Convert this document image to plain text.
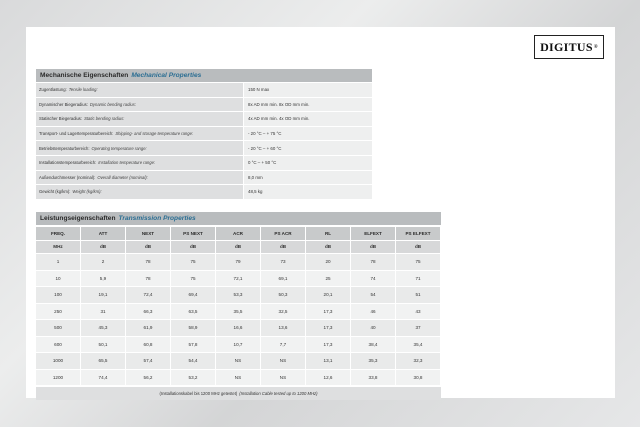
DIGITUS ®
Mechanische Eigenschaften Mechanical Properties
Zugentlastung: Tensile loading:	150 N max
Dynamischer Biegeradius: Dynamic bending radius:	8x AD mm min. 8x OD mm min.
Statischer Biegeradius: Static bending radius:	4x AD mm min. 4x OD mm min.
Transport- und Lagertemperaturbereich: Shipping- and storage temperature range:	- 20 °C – + 75 °C
Betriebstemperaturbereich: Operating temperature range:	- 20 °C – + 60 °C
Installationstemperaturbereich: Installation temperature range:	0 °C – + 50 °C
Außendurchmesser (nominal): Overall diameter (nominal):	8,0 mm
Gewicht (kg/km): Weight (kg/km):	48,5 kg
Leistungseigenschaften Transmission Properties
FREQ.	ATT	NEXT	PS NEXT	ACR	PS ACR	RL	ELFEXT	PS ELFEXT
MHz	dB	dB	dB	dB	dB	dB	dB	dB
1	2	78	75	79	73	20	78	75
10	5,9	78	75	72,1	69,1	25	74	71
100	19,1	72,4	69,4	53,3	50,3	20,1	54	51
250	31	66,3	63,5	35,5	32,5	17,3	46	43
500	45,3	61,9	58,9	16,6	13,6	17,3	40	37
600	50,1	60,8	57,8	10,7	7,7	17,3	38,4	35,4
1000	65,5	57,4	54,4	NS	NS	13,1	35,3	32,3
1200	74,4	56,2	53,2	NS	NS	12,6	33,8	30,8
(Installationskabel bis 1200 MHz getestet) (Installation Cable tested up to 1200 MHz)
